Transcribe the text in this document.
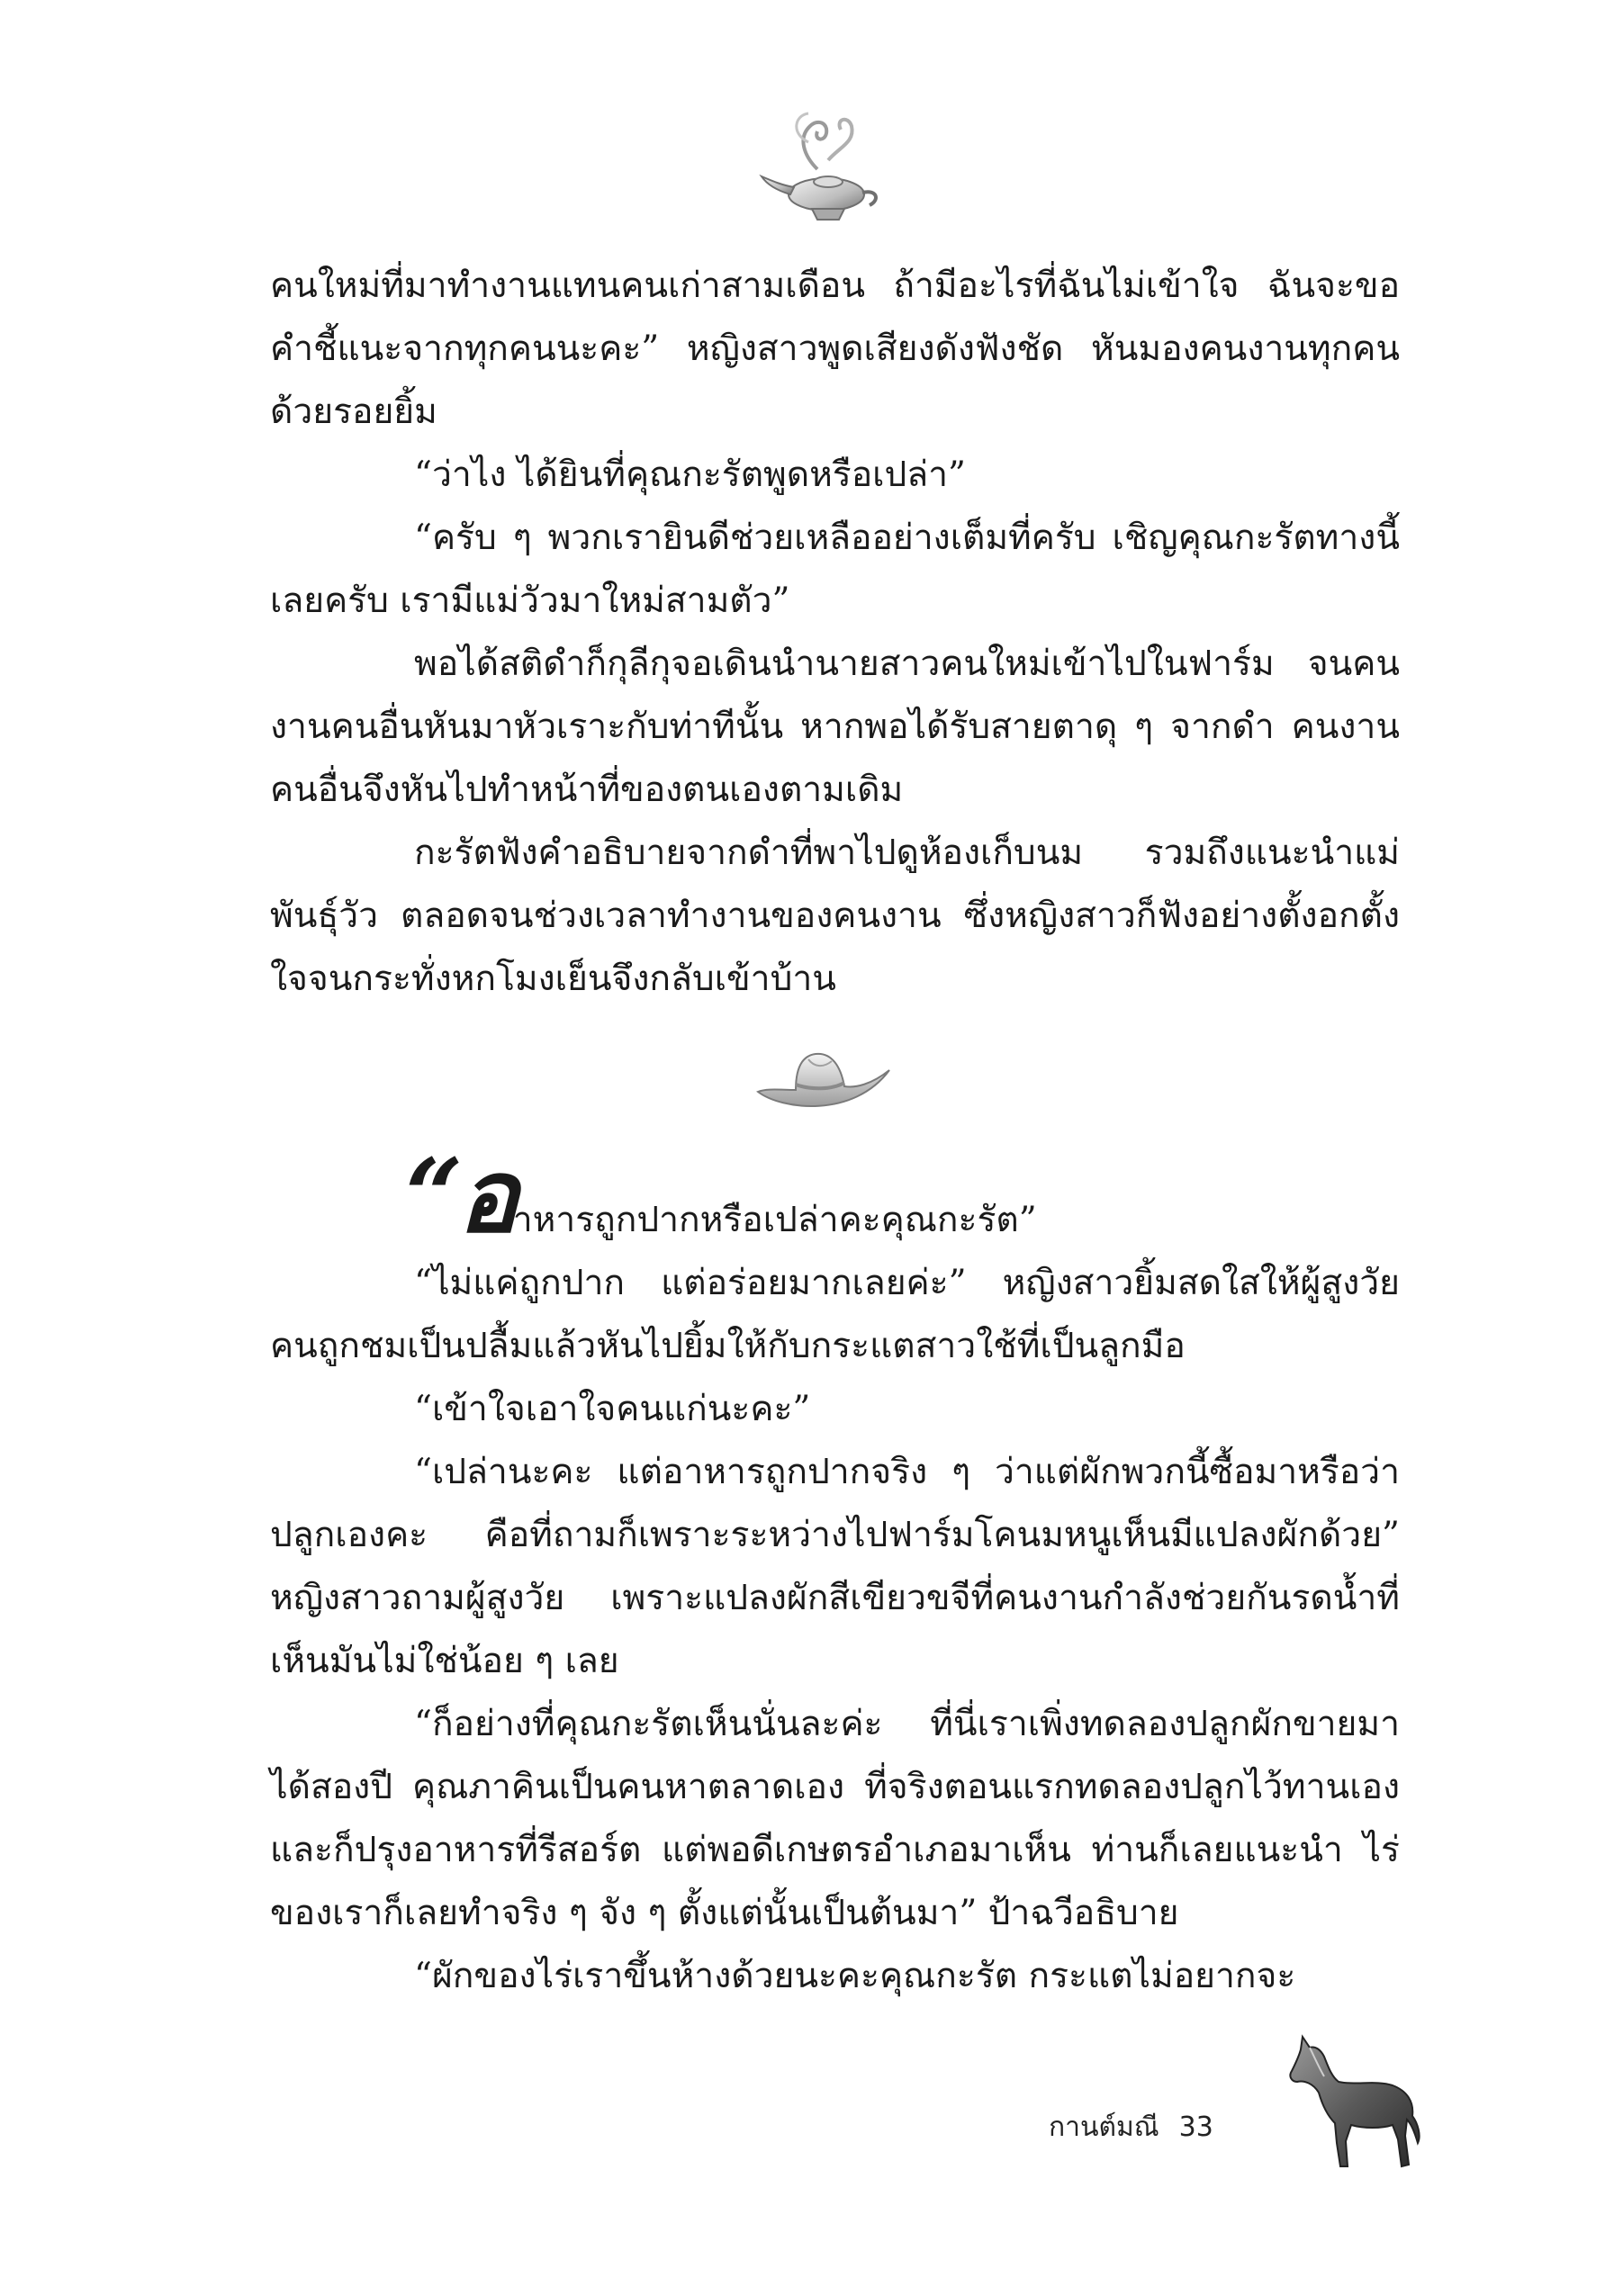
คนใหม่ที่มาทำงานแทนคนเก่าสามเดือน ถ้ามีอะไรที่ฉันไม่เข้าใจ ฉันจะขอคำชี้แนะจากทุกคนนะคะ” หญิงสาวพูดเสียงดังฟังชัด หันมองคนงานทุกคนด้วยรอยยิ้ม

“ว่าไง ได้ยินที่คุณกะรัตพูดหรือเปล่า”

“ครับ ๆ พวกเรายินดีช่วยเหลืออย่างเต็มที่ครับ เชิญคุณกะรัตทางนี้เลยครับ เรามีแม่วัวมาใหม่สามตัว”

พอได้สติดำก็กุลีกุจอเดินนำนายสาวคนใหม่เข้าไปในฟาร์ม จนคนงานคนอื่นหันมาหัวเราะกับท่าทีนั้น หากพอได้รับสายตาดุ ๆ จากดำ คนงานคนอื่นจึงหันไปทำหน้าที่ของตนเองตามเดิม

กะรัตฟังคำอธิบายจากดำที่พาไปดูห้องเก็บนม รวมถึงแนะนำแม่พันธุ์วัว ตลอดจนช่วงเวลาทำงานของคนงาน ซึ่งหญิงสาวก็ฟังอย่างตั้งอกตั้งใจจนกระทั่งหกโมงเย็นจึงกลับเข้าบ้าน

“อาหารถูกปากหรือเปล่าคะคุณกะรัต”

“ไม่แค่ถูกปาก แต่อร่อยมากเลยค่ะ” หญิงสาวยิ้มสดใสให้ผู้สูงวัย คนถูกชมเป็นปลื้มแล้วหันไปยิ้มให้กับกระแตสาวใช้ที่เป็นลูกมือ

“เข้าใจเอาใจคนแก่นะคะ”

“เปล่านะคะ แต่อาหารถูกปากจริง ๆ ว่าแต่ผักพวกนี้ซื้อมาหรือว่าปลูกเองคะ คือที่ถามก็เพราะระหว่างไปฟาร์มโคนมหนูเห็นมีแปลงผักด้วย” หญิงสาวถามผู้สูงวัย เพราะแปลงผักสีเขียวขจีที่คนงานกำลังช่วยกันรดน้ำที่เห็นมันไม่ใช่น้อย ๆ เลย

“ก็อย่างที่คุณกะรัตเห็นนั่นละค่ะ ที่นี่เราเพิ่งทดลองปลูกผักขายมาได้สองปี คุณภาคินเป็นคนหาตลาดเอง ที่จริงตอนแรกทดลองปลูกไว้ทานเองและก็ปรุงอาหารที่รีสอร์ต แต่พอดีเกษตรอำเภอมาเห็น ท่านก็เลยแนะนำ ไร่ของเราก็เลยทำจริง ๆ จัง ๆ ตั้งแต่นั้นเป็นต้นมา” ป้าฉวีอธิบาย

“ผักของไร่เราขึ้นห้างด้วยนะคะคุณกะรัต กระแตไม่อยากจะ

กานต์มณี 33
